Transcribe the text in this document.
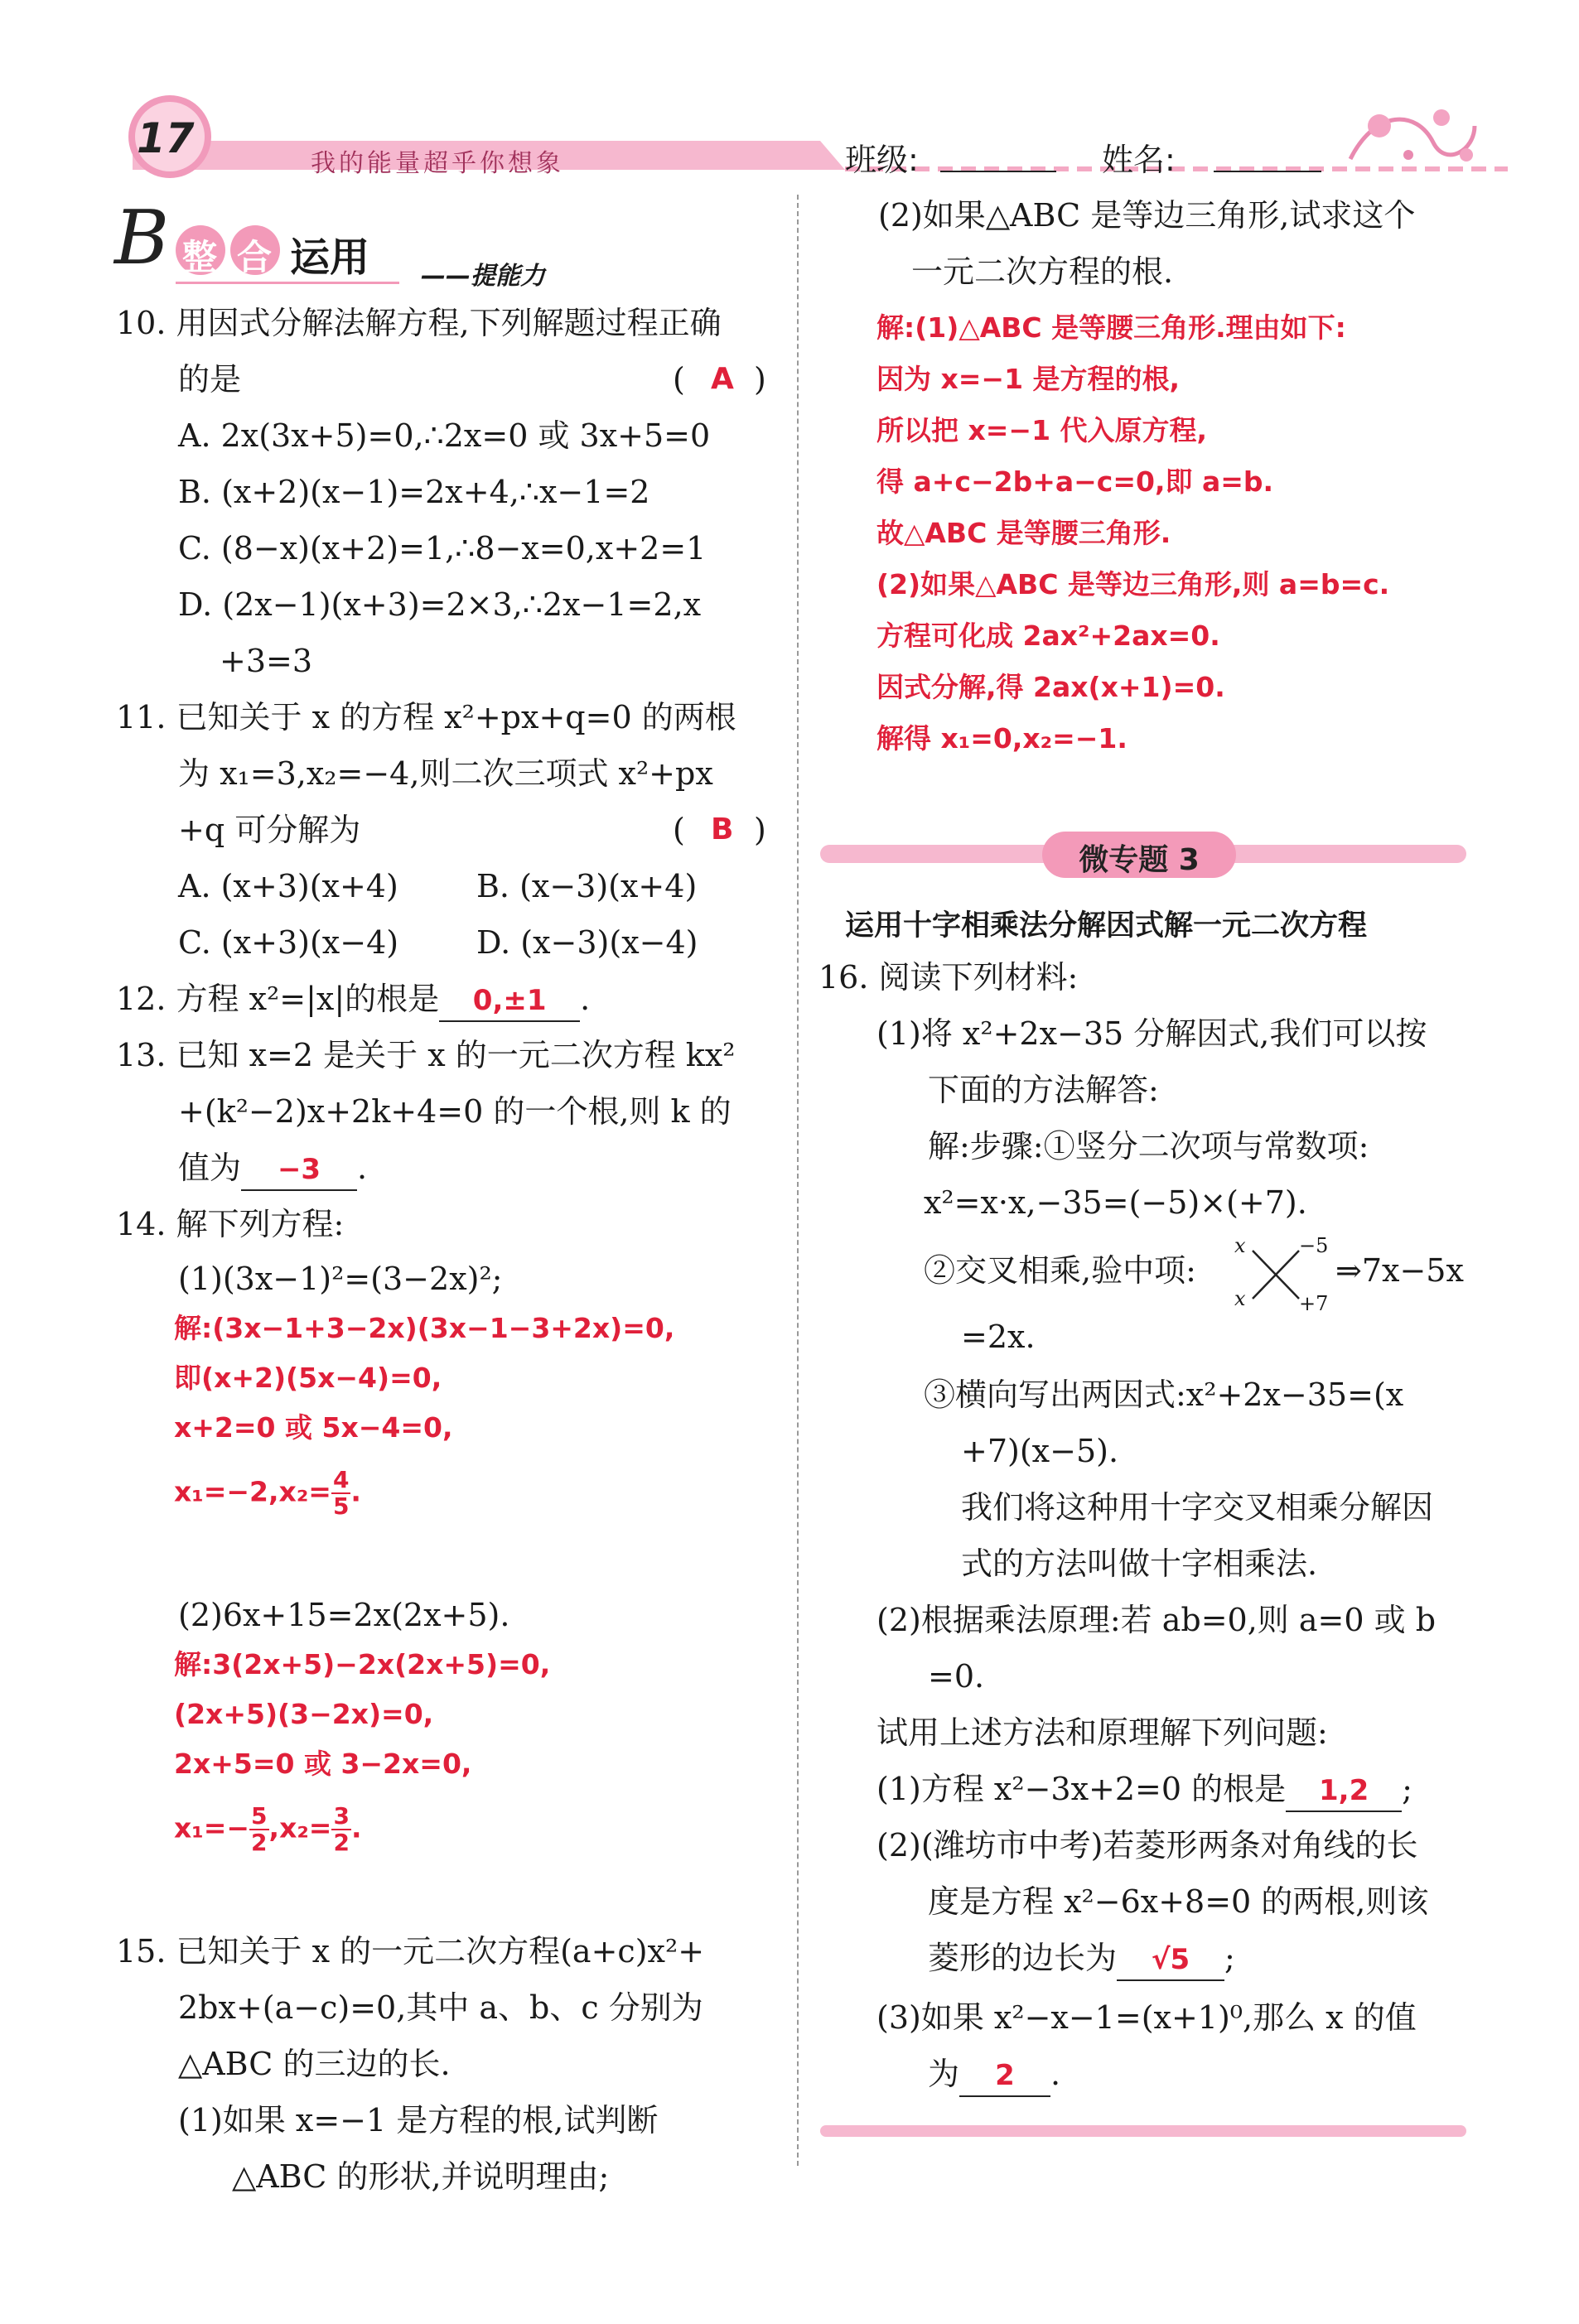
17
我的能量超乎你想象	班级:	姓名:
B 整 合 运用 ——提能力
10. 用因式分解法解方程,下列解题过程正确
的是	( A )
A. 2x(3x+5)=0,∴2x=0 或 3x+5=0
B. (x+2)(x−1)=2x+4,∴x−1=2
C. (8−x)(x+2)=1,∴8−x=0,x+2=1
D. (2x−1)(x+3)=2×3,∴2x−1=2,x
+3=3
11. 已知关于 x 的方程 x²+px+q=0 的两根
为 x₁=3,x₂=−4,则二次三项式 x²+px
+q 可分解为	( B )
A. (x+3)(x+4) B. (x−3)(x+4)
C. (x+3)(x−4) D. (x−3)(x−4)
12. 方程 x²=|x|的根是 0,±1 .
13. 已知 x=2 是关于 x 的一元二次方程 kx²
+(k²−2)x+2k+4=0 的一个根,则 k 的
值为 −3 .
14. 解下列方程:
(1)(3x−1)²=(3−2x)²;
解:(3x−1+3−2x)(3x−1−3+2x)=0,
即(x+2)(5x−4)=0,
x+2=0 或 5x−4=0,
$x_1=-2,x_2= \frac{4}{5}$ .
(2)6x+15=2x(2x+5).
解:3(2x+5)−2x(2x+5)=0,
(2x+5)(3−2x)=0,
2x+5=0 或 3−2x=0,
$x_1=- \frac{5}{2} ,x_2= \frac{3}{2}$ .
15. 已知关于 x 的一元二次方程(a+c)x²+
2bx+(a−c)=0,其中 a、b、c 分别为
△ABC 的三边的长.
(1)如果 x=−1 是方程的根,试判断
△ABC 的形状,并说明理由;
(2)如果△ABC 是等边三角形,试求这个
一元二次方程的根.
解:(1)△ABC 是等腰三角形.理由如下:
因为 x=−1 是方程的根,
所以把 x=−1 代入原方程,
得 a+c−2b+a−c=0,即 a=b.
故△ABC 是等腰三角形.
(2)如果△ABC 是等边三角形,则 a=b=c.
方程可化成 2ax²+2ax=0.
因式分解,得 2ax(x+1)=0.
解得 x₁=0,x₂=−1.
微专题 3
运用十字相乘法分解因式解一元二次方程
16. 阅读下列材料:
(1)将 x²+2x−35 分解因式,我们可以按
下面的方法解答:
解:步骤:①竖分二次项与常数项:
x²=x·x,−35=(−5)×(+7).
②交叉相乘,验中项:
x
x
−5
+7
⇒7x−5x
=2x.
③横向写出两因式:x²+2x−35=(x
+7)(x−5).
我们将这种用十字交叉相乘分解因
式的方法叫做十字相乘法.
(2)根据乘法原理:若 ab=0,则 a=0 或 b
=0.
试用上述方法和原理解下列问题:
(1)方程 x²−3x+2=0 的根是 1,2 ;
(2)(潍坊市中考)若菱形两条对角线的长
度是方程 x²−6x+8=0 的两根,则该
菱形的边长为 √5 ;
(3)如果 x²−x−1=(x+1)⁰,那么 x 的值
为 2 .
